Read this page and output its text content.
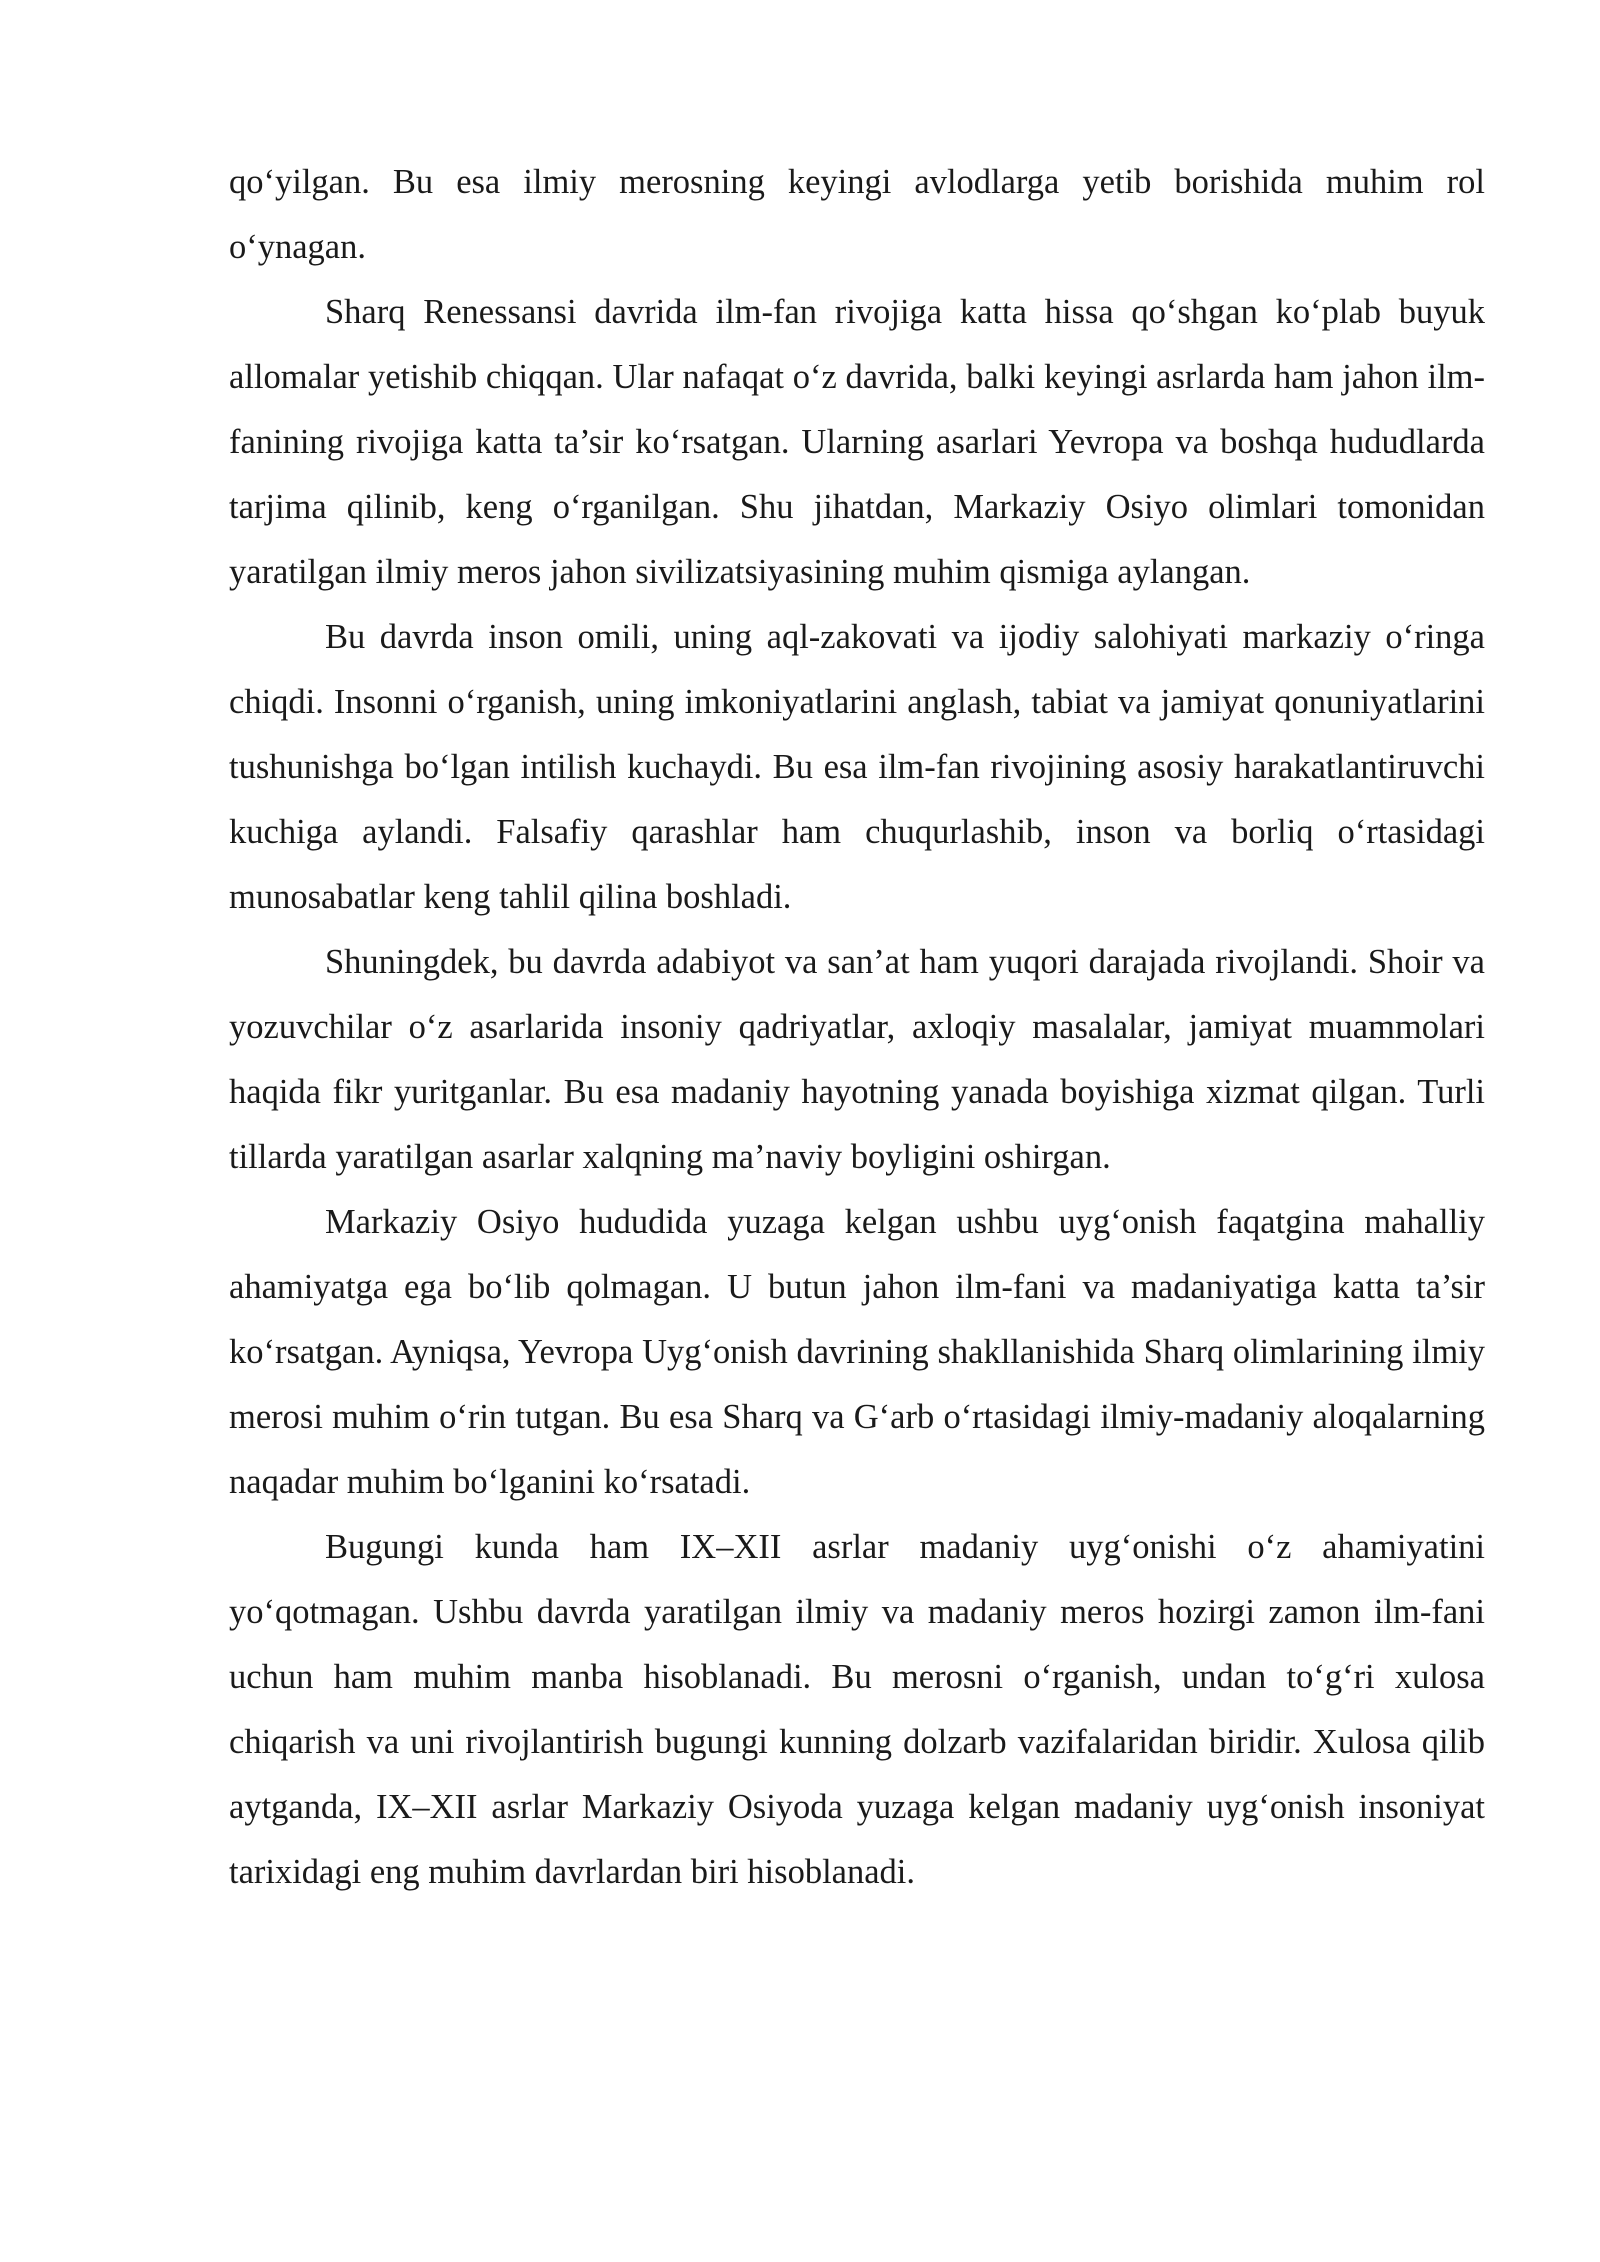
qo‘yilgan. Bu esa ilmiy merosning keyingi avlodlarga yetib borishida muhim rol o‘ynagan.

Sharq Renessansi davrida ilm-fan rivojiga katta hissa qo‘shgan ko‘plab buyuk allomalar yetishib chiqqan. Ular nafaqat o‘z davrida, balki keyingi asrlarda ham jahon ilm-fanining rivojiga katta ta’sir ko‘rsatgan. Ularning asarlari Yevropa va boshqa hududlarda tarjima qilinib, keng o‘rganilgan. Shu jihatdan, Markaziy Osiyo olimlari tomonidan yaratilgan ilmiy meros jahon sivilizatsiyasining muhim qismiga aylangan.

Bu davrda inson omili, uning aql-zakovati va ijodiy salohiyati markaziy o‘ringa chiqdi. Insonni o‘rganish, uning imkoniyatlarini anglash, tabiat va jamiyat qonuniyatlarini tushunishga bo‘lgan intilish kuchaydi. Bu esa ilm-fan rivojining asosiy harakatlantiruvchi kuchiga aylandi. Falsafiy qarashlar ham chuqurlashib, inson va borliq o‘rtasidagi munosabatlar keng tahlil qilina boshladi.

Shuningdek, bu davrda adabiyot va san’at ham yuqori darajada rivojlandi. Shoir va yozuvchilar o‘z asarlarida insoniy qadriyatlar, axloqiy masalalar, jamiyat muammolari haqida fikr yuritganlar. Bu esa madaniy hayotning yanada boyishiga xizmat qilgan. Turli tillarda yaratilgan asarlar xalqning ma’naviy boyligini oshirgan.

Markaziy Osiyo hududida yuzaga kelgan ushbu uyg‘onish faqatgina mahalliy ahamiyatga ega bo‘lib qolmagan. U butun jahon ilm-fani va madaniyatiga katta ta’sir ko‘rsatgan. Ayniqsa, Yevropa Uyg‘onish davrining shakllanishida Sharq olimlarining ilmiy merosi muhim o‘rin tutgan. Bu esa Sharq va G‘arb o‘rtasidagi ilmiy-madaniy aloqalarning naqadar muhim bo‘lganini ko‘rsatadi.

Bugungi kunda ham IX–XII asrlar madaniy uyg‘onishi o‘z ahamiyatini yo‘qotmagan. Ushbu davrda yaratilgan ilmiy va madaniy meros hozirgi zamon ilm-fani uchun ham muhim manba hisoblanadi. Bu merosni o‘rganish, undan to‘g‘ri xulosa chiqarish va uni rivojlantirish bugungi kunning dolzarb vazifalaridan biridir. Xulosa qilib aytganda, IX–XII asrlar Markaziy Osiyoda yuzaga kelgan madaniy uyg‘onish insoniyat tarixidagi eng muhim davrlardan biri hisoblanadi.
